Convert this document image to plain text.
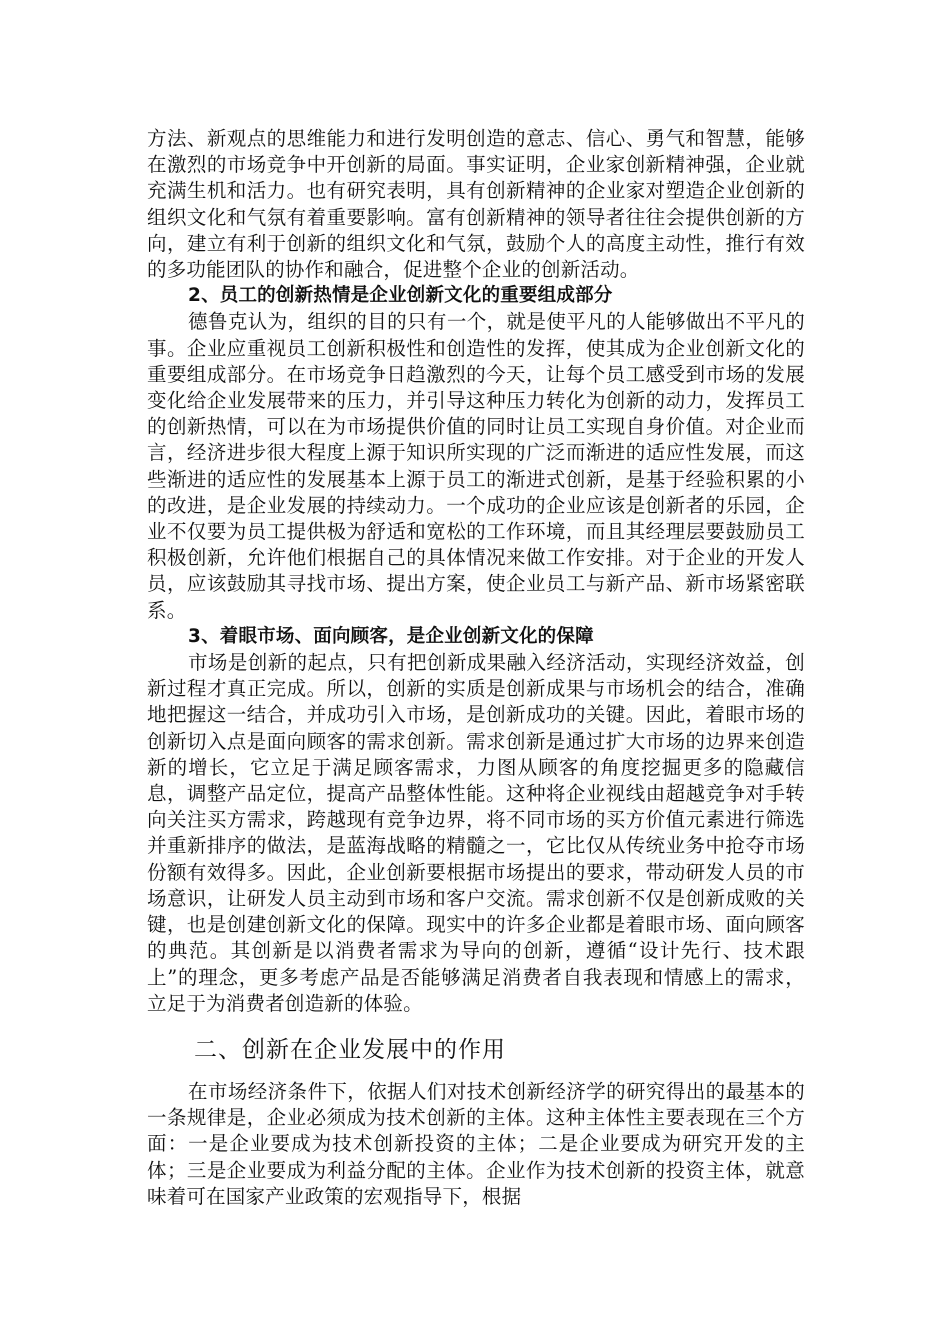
方法、新观点的思维能力和进行发明创造的意志、信心、勇气和智慧，能够在激烈的市场竞争中开创新的局面。事实证明，企业家创新精神强，企业就充满生机和活力。也有研究表明，具有创新精神的企业家对塑造企业创新的组织文化和气氛有着重要影响。富有创新精神的领导者往往会提供创新的方向，建立有利于创新的组织文化和气氛，鼓励个人的高度主动性，推行有效的多功能团队的协作和融合，促进整个企业的创新活动。

2、员工的创新热情是企业创新文化的重要组成部分

德鲁克认为，组织的目的只有一个，就是使平凡的人能够做出不平凡的事。企业应重视员工创新积极性和创造性的发挥，使其成为企业创新文化的重要组成部分。在市场竞争日趋激烈的今天，让每个员工感受到市场的发展变化给企业发展带来的压力，并引导这种压力转化为创新的动力，发挥员工的创新热情，可以在为市场提供价值的同时让员工实现自身价值。对企业而言，经济进步很大程度上源于知识所实现的广泛而渐进的适应性发展，而这些渐进的适应性的发展基本上源于员工的渐进式创新，是基于经验积累的小的改进，是企业发展的持续动力。一个成功的企业应该是创新者的乐园，企业不仅要为员工提供极为舒适和宽松的工作环境，而且其经理层要鼓励员工积极创新，允许他们根据自己的具体情况来做工作安排。对于企业的开发人员，应该鼓励其寻找市场、提出方案，使企业员工与新产品、新市场紧密联系。

3、着眼市场、面向顾客，是企业创新文化的保障

市场是创新的起点，只有把创新成果融入经济活动，实现经济效益，创新过程才真正完成。所以，创新的实质是创新成果与市场机会的结合，准确地把握这一结合，并成功引入市场，是创新成功的关键。因此，着眼市场的创新切入点是面向顾客的需求创新。需求创新是通过扩大市场的边界来创造新的增长，它立足于满足顾客需求，力图从顾客的角度挖掘更多的隐藏信息，调整产品定位，提高产品整体性能。这种将企业视线由超越竞争对手转向关注买方需求，跨越现有竞争边界，将不同市场的买方价值元素进行筛选并重新排序的做法，是蓝海战略的精髓之一，它比仅从传统业务中抢夺市场份额有效得多。因此，企业创新要根据市场提出的要求，带动研发人员的市场意识，让研发人员主动到市场和客户交流。需求创新不仅是创新成败的关键，也是创建创新文化的保障。现实中的许多企业都是着眼市场、面向顾客的典范。其创新是以消费者需求为导向的创新，遵循“设计先行、技术跟上”的理念，更多考虑产品是否能够满足消费者自我表现和情感上的需求，立足于为消费者创造新的体验。

二、创新在企业发展中的作用

在市场经济条件下，依据人们对技术创新经济学的研究得出的最基本的一条规律是，企业必须成为技术创新的主体。这种主体性主要表现在三个方面：一是企业要成为技术创新投资的主体；二是企业要成为研究开发的主体；三是企业要成为利益分配的主体。企业作为技术创新的投资主体，就意味着可在国家产业政策的宏观指导下，根据
